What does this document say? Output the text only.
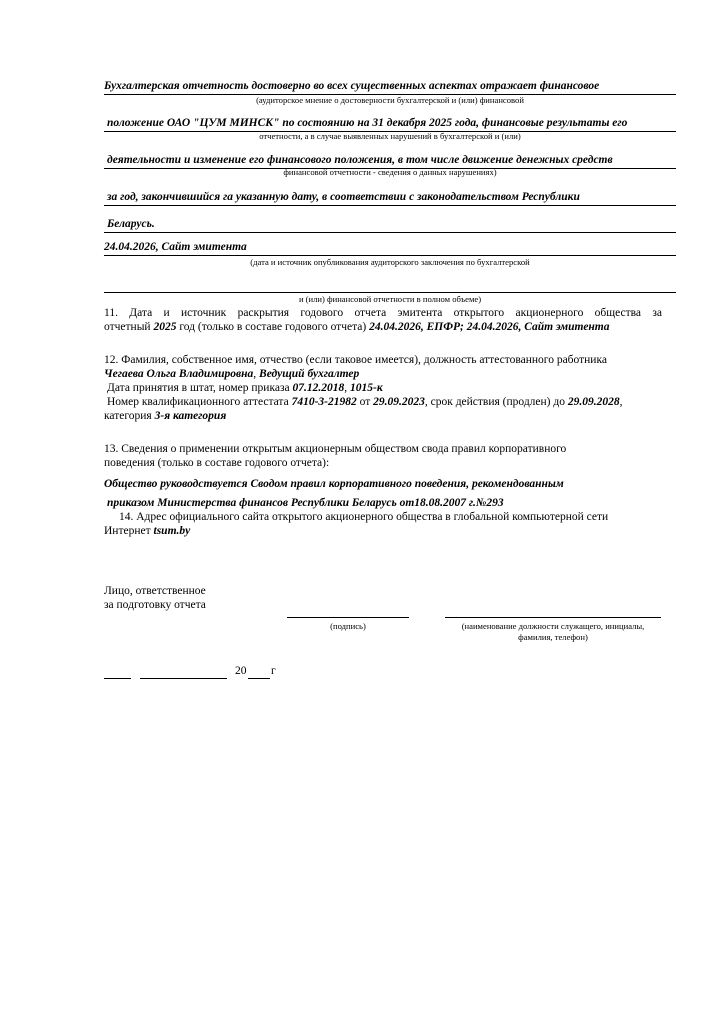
Бухгалтерская отчетность достоверно во всех существенных аспектах отражает финансовое
(аудиторское мнение о достоверности бухгалтерской и (или) финансовой
положение ОАО "ЦУМ МИНСК" по состоянию на 31 декабря 2025 года, финансовые результаты его
отчетности, а в случае выявленных нарушений в бухгалтерской и (или)
деятельности и изменение его финансового положения, в том числе движение денежных средств
финансовой отчетности - сведения о данных нарушениях)
за год, закончившийся га указанную дату, в соответствии с законодательством Республики
Беларусь.
24.04.2026, Сайт эмитента
(дата и источник опубликования аудиторского заключения по бухгалтерской
и (или) финансовой отчетности в полном объеме)
11. Дата и источник раскрытия годового отчета эмитента открытого акционерного общества за
отчетный 2025 год (только в составе годового отчета) 24.04.2026, ЕПФР; 24.04.2026, Сайт эмитента
12. Фамилия, собственное имя, отчество (если таковое имеется), должность аттестованного работника
Чегаева Ольга Владимировна, Ведущий бухгалтер
Дата принятия в штат, номер приказа 07.12.2018, 1015-к
Номер квалификационного аттестата 7410-3-21982 от 29.09.2023, срок действия (продлен) до 29.09.2028,
категория 3-я категория
13. Сведения о применении открытым акционерным обществом свода правил корпоративного
поведения (только в составе годового отчета):
Общество руководствуется Сводом правил корпоративного поведения, рекомендованным
приказом Министерства финансов Республики Беларусь от18.08.2007 г.№293
14. Адрес официального сайта открытого акционерного общества в глобальной компьютерной сети
Интернет tsum.by
Лицо, ответственное
за подготовку отчета
(подпись)	(наименование должности служащего, инициалы,
фамилия, телефон)
20 г
